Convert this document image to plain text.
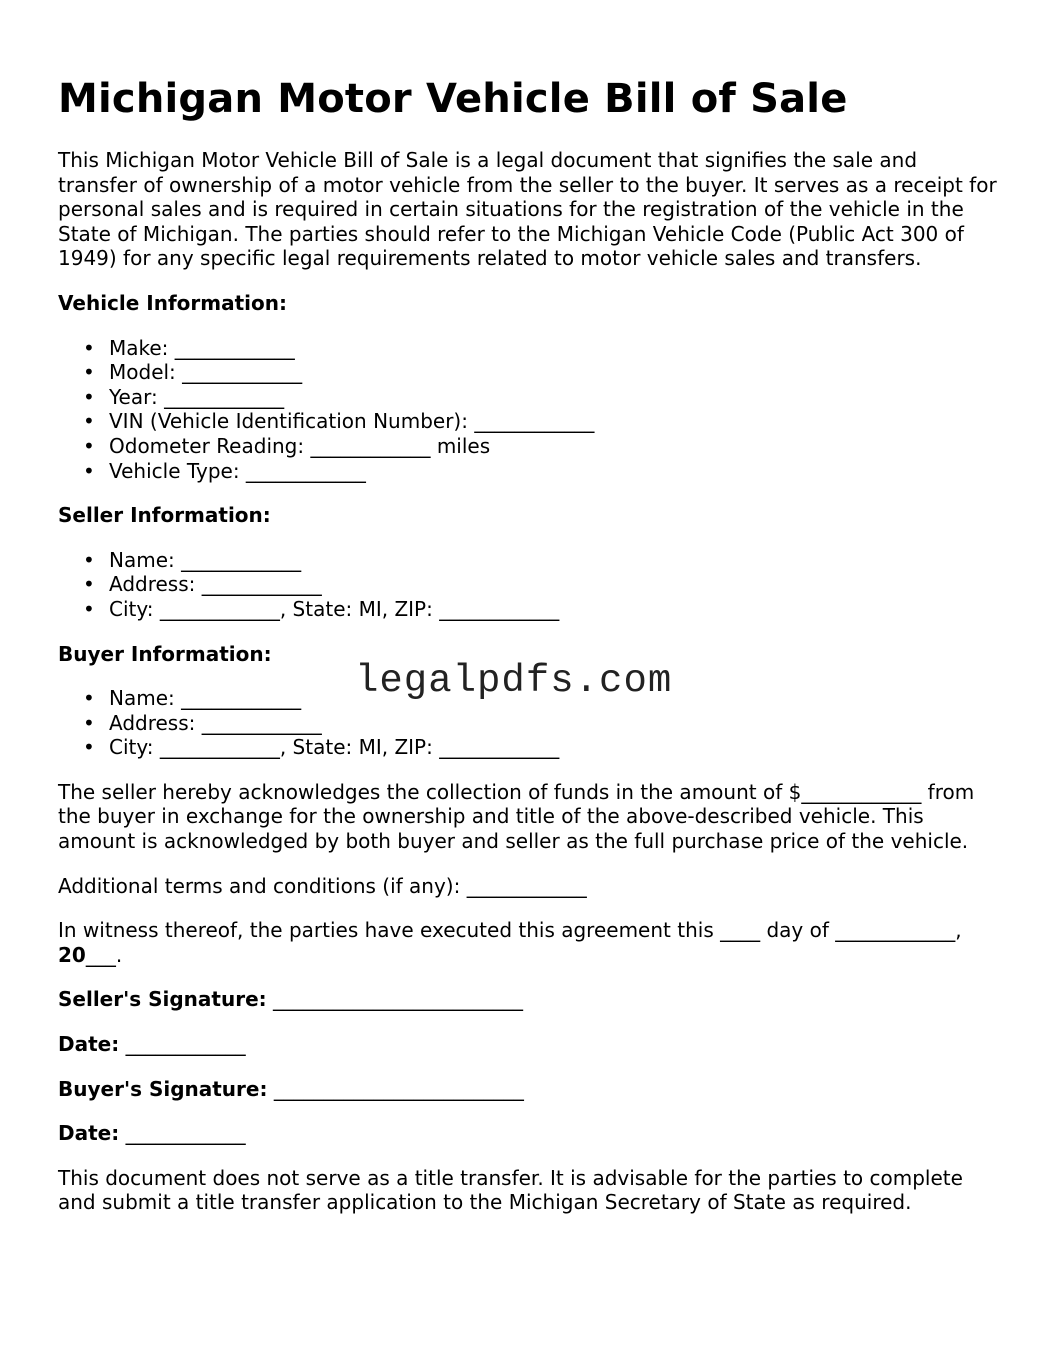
Michigan Motor Vehicle Bill of Sale

This Michigan Motor Vehicle Bill of Sale is a legal document that signifies the sale and transfer of ownership of a motor vehicle from the seller to the buyer. It serves as a receipt for personal sales and is required in certain situations for the registration of the vehicle in the State of Michigan. The parties should refer to the Michigan Vehicle Code (Public Act 300 of 1949) for any specific legal requirements related to motor vehicle sales and transfers.

Vehicle Information:
• Make: ____________
• Model: ____________
• Year: ____________
• VIN (Vehicle Identification Number): ____________
• Odometer Reading: ____________ miles
• Vehicle Type: ____________
Seller Information:
• Name: ____________
• Address: ____________
• City: ____________, State: MI, ZIP: ____________
Buyer Information:
• Name: ____________
• Address: ____________
• City: ____________, State: MI, ZIP: ____________

The seller hereby acknowledges the collection of funds in the amount of $____________ from the buyer in exchange for the ownership and title of the above-described vehicle. This amount is acknowledged by both buyer and seller as the full purchase price of the vehicle.

Additional terms and conditions (if any): ____________

In witness thereof, the parties have executed this agreement this ____ day of ____________, 20___.

Seller's Signature: _________________________

Date: ____________

Buyer's Signature: _________________________

Date: ____________

This document does not serve as a title transfer. It is advisable for the parties to complete and submit a title transfer application to the Michigan Secretary of State as required.

legalpdfs.com
